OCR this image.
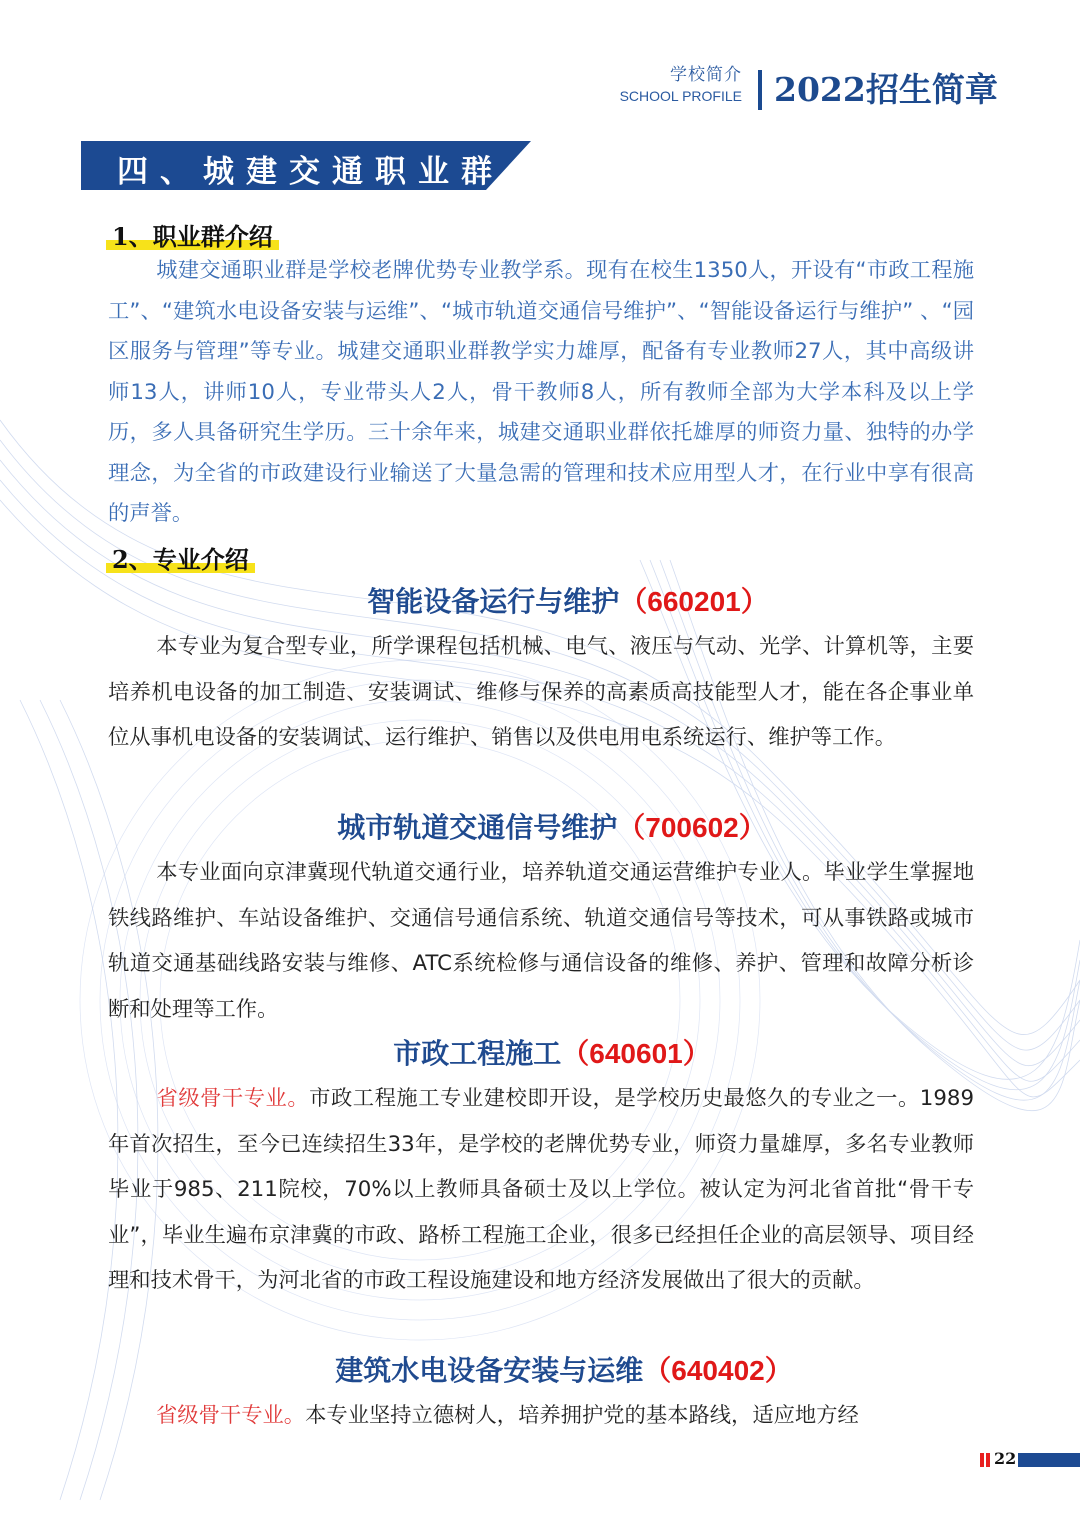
学校简介
SCHOOL PROFILE 2022招生简章
四、城建交通职业群
1、职业群介绍
城建交通职业群是学校老牌优势专业教学系。现有在校生1350人，开设有“市政工程施工”、“建筑水电设备安装与运维”、“城市轨道交通信号维护”、“智能设备运行与维护” 、“园区服务与管理”等专业。城建交通职业群教学实力雄厚，配备有专业教师27人，其中高级讲师13人，讲师10人，专业带头人2人，骨干教师8人，所有教师全部为大学本科及以上学历，多人具备研究生学历。三十余年来，城建交通职业群依托雄厚的师资力量、独特的办学理念，为全省的市政建设行业输送了大量急需的管理和技术应用型人才，在行业中享有很高的声誉。
2、专业介绍
智能设备运行与维护（660201）
本专业为复合型专业，所学课程包括机械、电气、液压与气动、光学、计算机等，主要培养机电设备的加工制造、安装调试、维修与保养的高素质高技能型人才，能在各企事业单位从事机电设备的安装调试、运行维护、销售以及供电用电系统运行、维护等工作。
城市轨道交通信号维护（700602）
本专业面向京津冀现代轨道交通行业，培养轨道交通运营维护专业人。毕业学生掌握地铁线路维护、车站设备维护、交通信号通信系统、轨道交通信号等技术，可从事铁路或城市轨道交通基础线路安装与维修、ATC系统检修与通信设备的维修、养护、管理和故障分析诊断和处理等工作。
市政工程施工（640601）
省级骨干专业。市政工程施工专业建校即开设，是学校历史最悠久的专业之一。1989年首次招生，至今已连续招生33年，是学校的老牌优势专业，师资力量雄厚，多名专业教师毕业于985、211院校，70%以上教师具备硕士及以上学位。被认定为河北省首批“骨干专业”，毕业生遍布京津冀的市政、路桥工程施工企业，很多已经担任企业的高层领导、项目经理和技术骨干，为河北省的市政工程设施建设和地方经济发展做出了很大的贡献。
建筑水电设备安装与运维（640402）
省级骨干专业。本专业坚持立德树人，培养拥护党的基本路线，适应地方经
22
